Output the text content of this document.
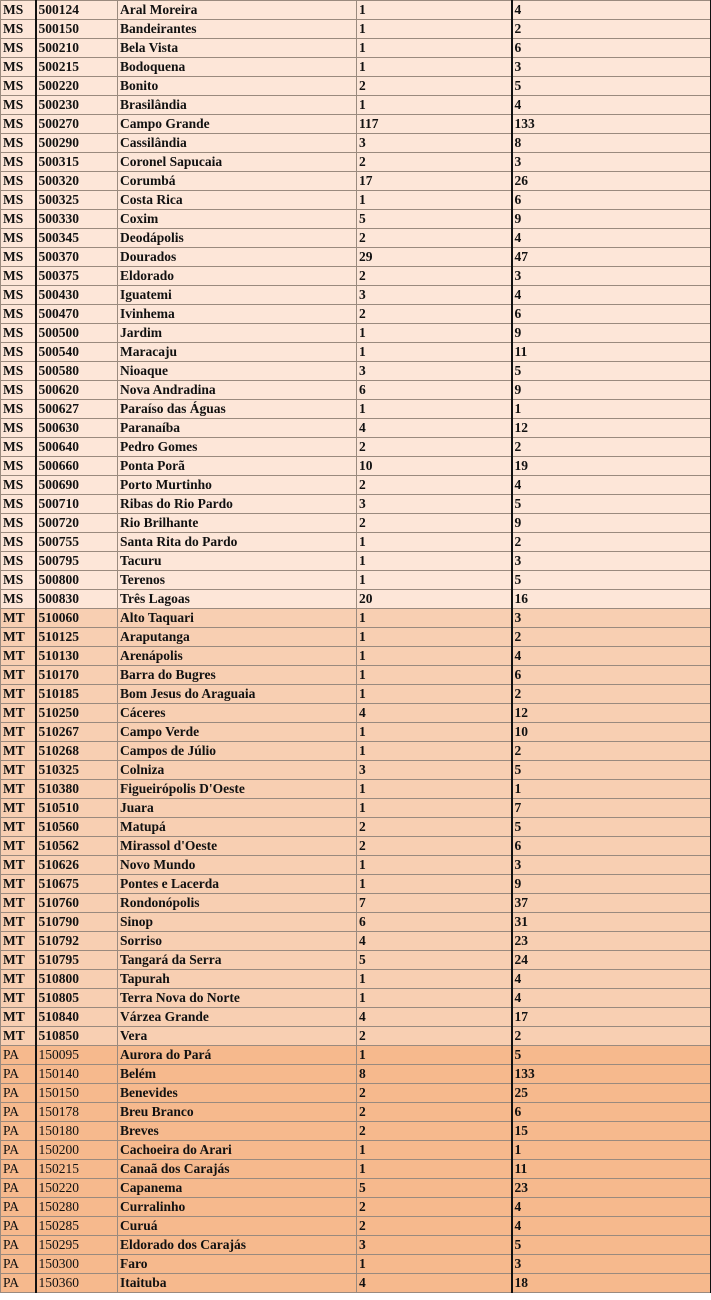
MS	500124	Aral Moreira	1	4
MS	500150	Bandeirantes	1	2
MS	500210	Bela Vista	1	6
MS	500215	Bodoquena	1	3
MS	500220	Bonito	2	5
MS	500230	Brasilândia	1	4
MS	500270	Campo Grande	117	133
MS	500290	Cassilândia	3	8
MS	500315	Coronel Sapucaia	2	3
MS	500320	Corumbá	17	26
MS	500325	Costa Rica	1	6
MS	500330	Coxim	5	9
MS	500345	Deodápolis	2	4
MS	500370	Dourados	29	47
MS	500375	Eldorado	2	3
MS	500430	Iguatemi	3	4
MS	500470	Ivinhema	2	6
MS	500500	Jardim	1	9
MS	500540	Maracaju	1	11
MS	500580	Nioaque	3	5
MS	500620	Nova Andradina	6	9
MS	500627	Paraíso das Águas	1	1
MS	500630	Paranaíba	4	12
MS	500640	Pedro Gomes	2	2
MS	500660	Ponta Porã	10	19
MS	500690	Porto Murtinho	2	4
MS	500710	Ribas do Rio Pardo	3	5
MS	500720	Rio Brilhante	2	9
MS	500755	Santa Rita do Pardo	1	2
MS	500795	Tacuru	1	3
MS	500800	Terenos	1	5
MS	500830	Três Lagoas	20	16
MT	510060	Alto Taquari	1	3
MT	510125	Araputanga	1	2
MT	510130	Arenápolis	1	4
MT	510170	Barra do Bugres	1	6
MT	510185	Bom Jesus do Araguaia	1	2
MT	510250	Cáceres	4	12
MT	510267	Campo Verde	1	10
MT	510268	Campos de Júlio	1	2
MT	510325	Colniza	3	5
MT	510380	Figueirópolis D'Oeste	1	1
MT	510510	Juara	1	7
MT	510560	Matupá	2	5
MT	510562	Mirassol d'Oeste	2	6
MT	510626	Novo Mundo	1	3
MT	510675	Pontes e Lacerda	1	9
MT	510760	Rondonópolis	7	37
MT	510790	Sinop	6	31
MT	510792	Sorriso	4	23
MT	510795	Tangará da Serra	5	24
MT	510800	Tapurah	1	4
MT	510805	Terra Nova do Norte	1	4
MT	510840	Várzea Grande	4	17
MT	510850	Vera	2	2
PA	150095	Aurora do Pará	1	5
PA	150140	Belém	8	133
PA	150150	Benevides	2	25
PA	150178	Breu Branco	2	6
PA	150180	Breves	2	15
PA	150200	Cachoeira do Arari	1	1
PA	150215	Canaã dos Carajás	1	11
PA	150220	Capanema	5	23
PA	150280	Curralinho	2	4
PA	150285	Curuá	2	4
PA	150295	Eldorado dos Carajás	3	5
PA	150300	Faro	1	3
PA	150360	Itaituba	4	18
